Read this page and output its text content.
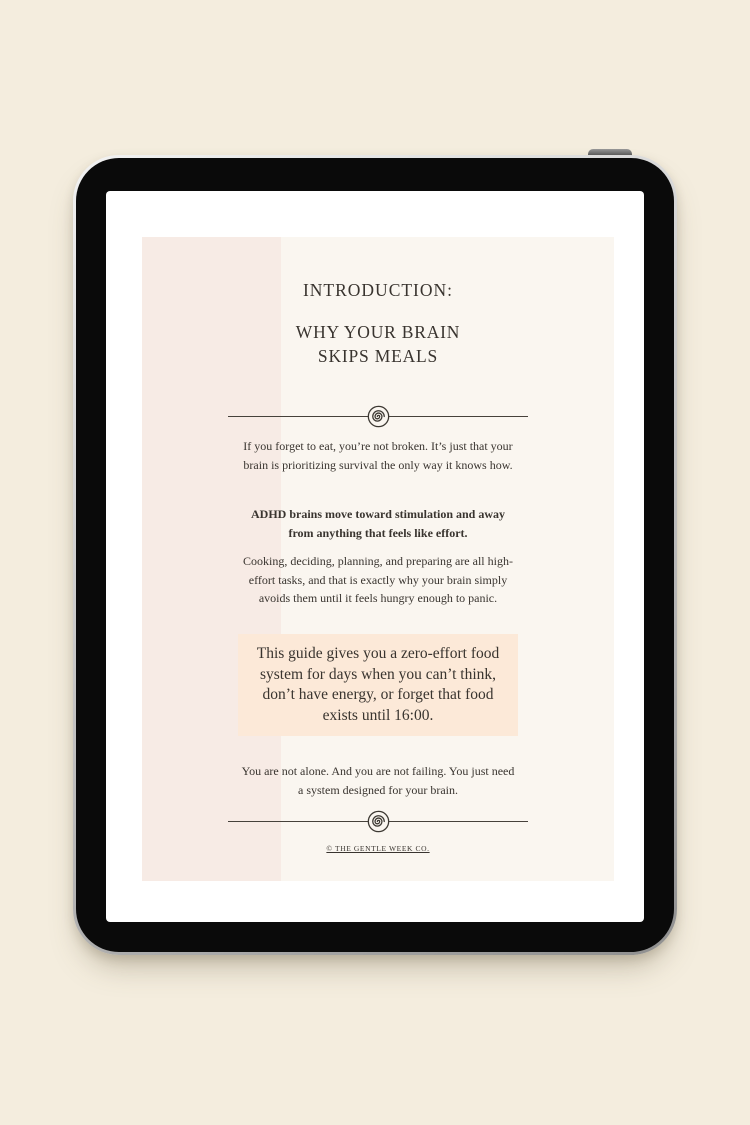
INTRODUCTION:
WHY YOUR BRAIN
SKIPS MEALS
If you forget to eat, you’re not broken. It’s just that your brain is prioritizing survival the only way it knows how.
ADHD brains move toward stimulation and away from anything that feels like effort.
Cooking, deciding, planning, and preparing are all high-effort tasks, and that is exactly why your brain simply avoids them until it feels hungry enough to panic.
This guide gives you a zero-effort food system for days when you can’t think, don’t have energy, or forget that food exists until 16:00.
You are not alone. And you are not failing. You just need a system designed for your brain.
© THE GENTLE WEEK CO.
